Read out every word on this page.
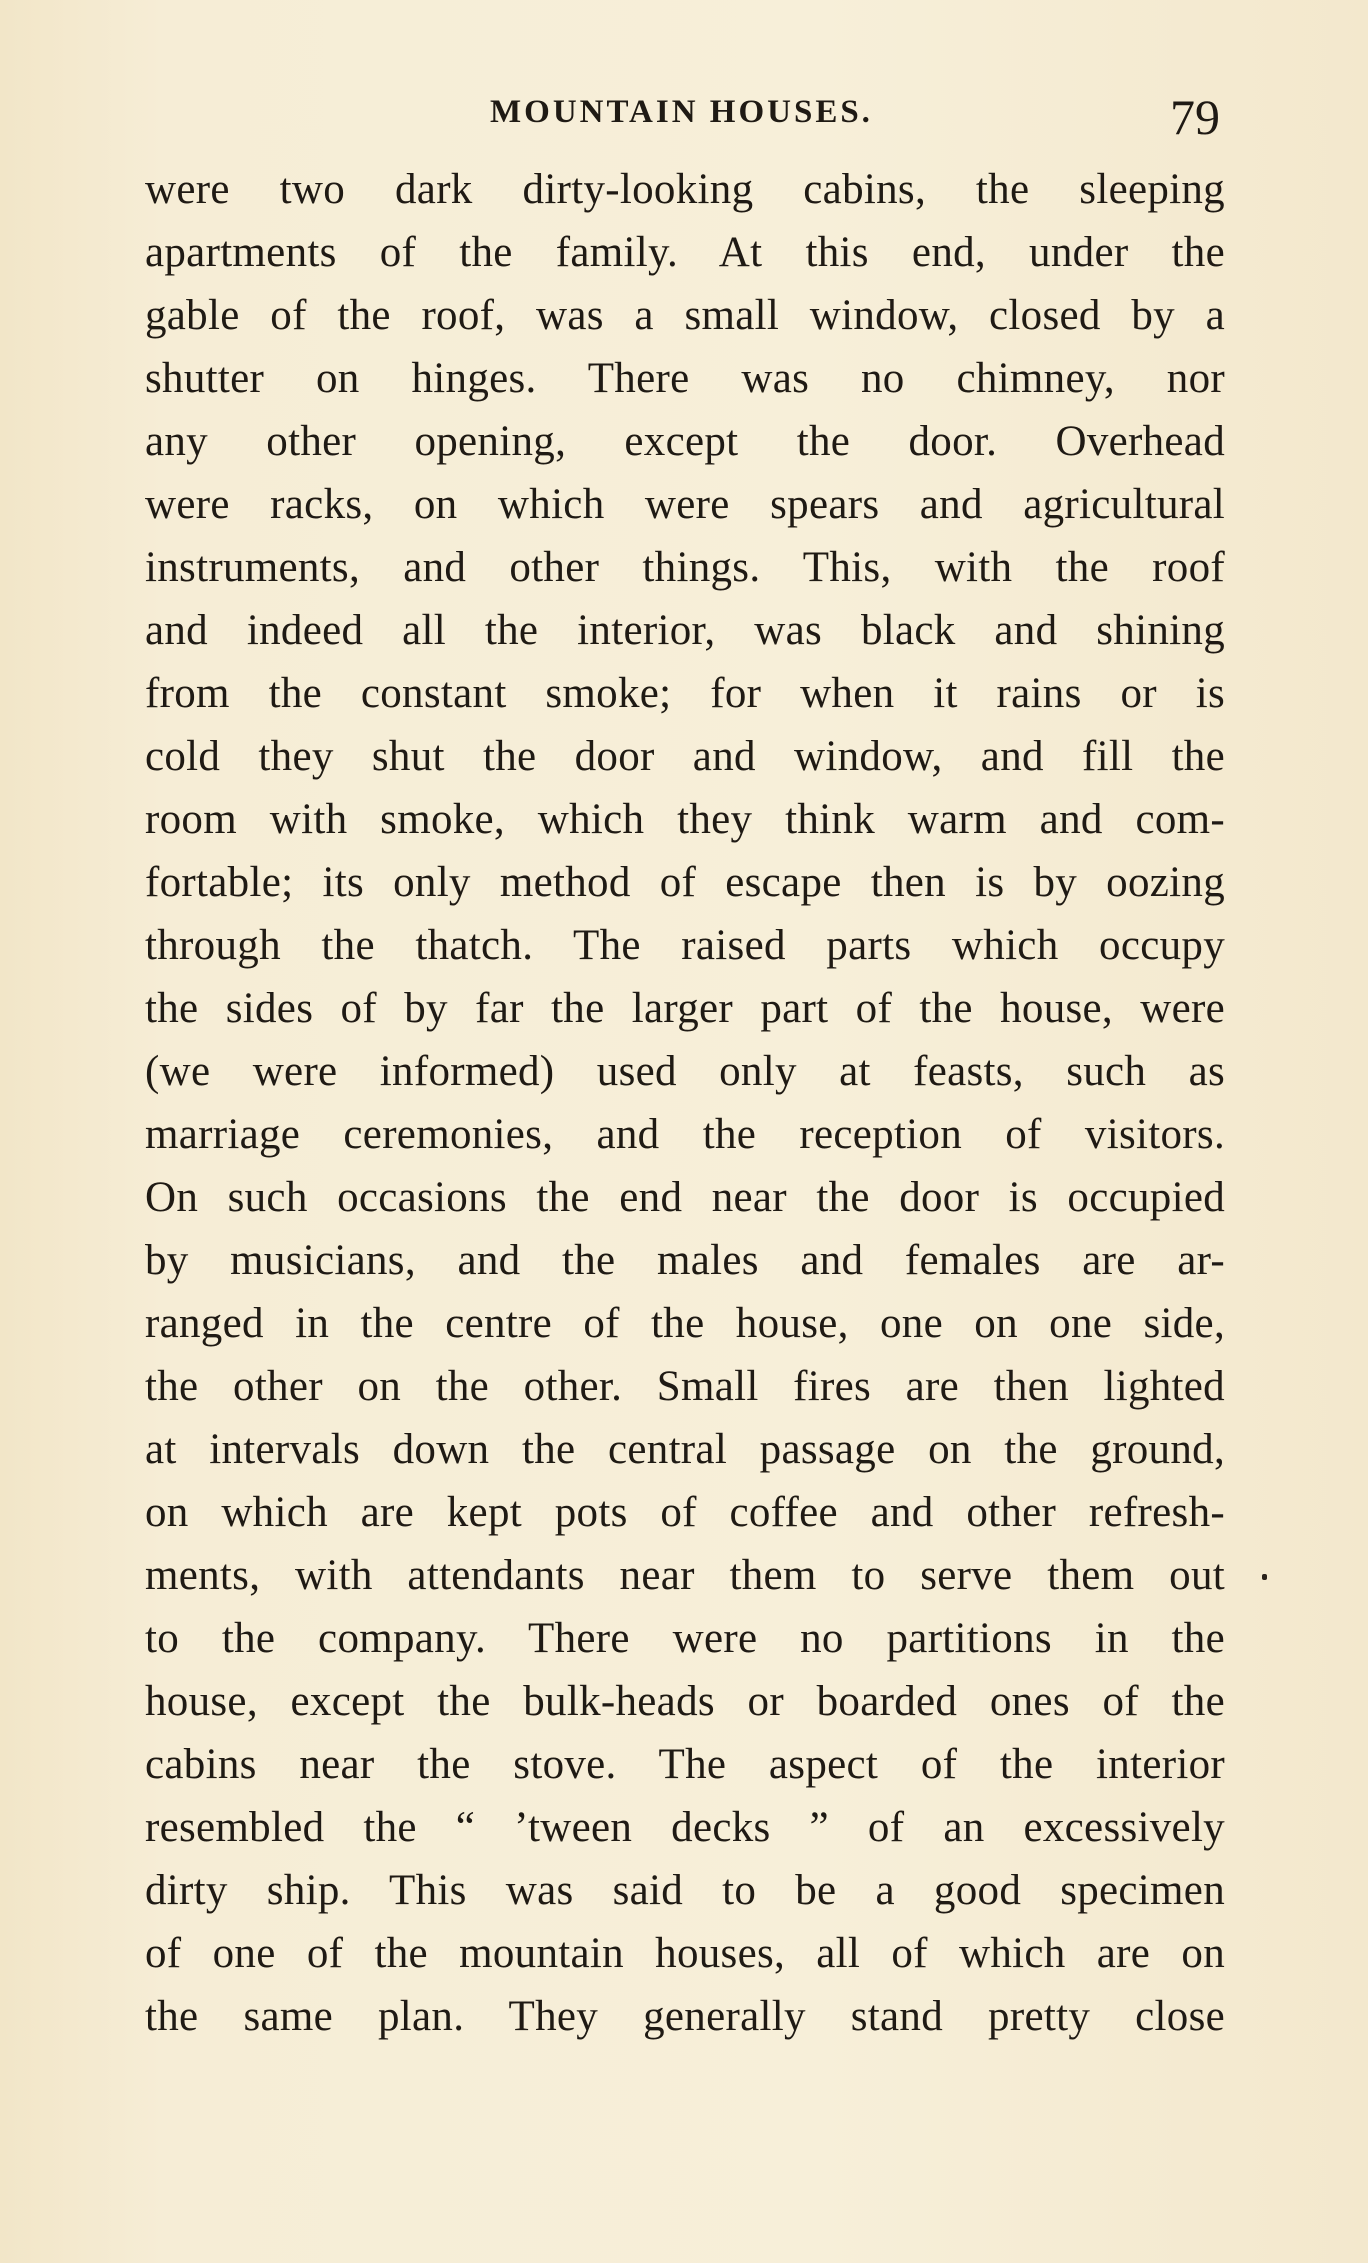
MOUNTAIN HOUSES.	79
were two dark dirty-looking cabins, the sleeping
apartments of the family. At this end, under the
gable of the roof, was a small window, closed by a
shutter on hinges. There was no chimney, nor
any other opening, except the door. Overhead
were racks, on which were spears and agricultural
instruments, and other things. This, with the roof
and indeed all the interior, was black and shining
from the constant smoke; for when it rains or is
cold they shut the door and window, and fill the
room with smoke, which they think warm and com-
fortable; its only method of escape then is by oozing
through the thatch. The raised parts which occupy
the sides of by far the larger part of the house, were
(we were informed) used only at feasts, such as
marriage ceremonies, and the reception of visitors.
On such occasions the end near the door is occupied
by musicians, and the males and females are ar-
ranged in the centre of the house, one on one side,
the other on the other. Small fires are then lighted
at intervals down the central passage on the ground,
on which are kept pots of coffee and other refresh-
ments, with attendants near them to serve them out
to the company. There were no partitions in the
house, except the bulk-heads or boarded ones of the
cabins near the stove. The aspect of the interior
resembled the “ ’tween decks ” of an excessively
dirty ship. This was said to be a good specimen
of one of the mountain houses, all of which are on
the same plan. They generally stand pretty close
